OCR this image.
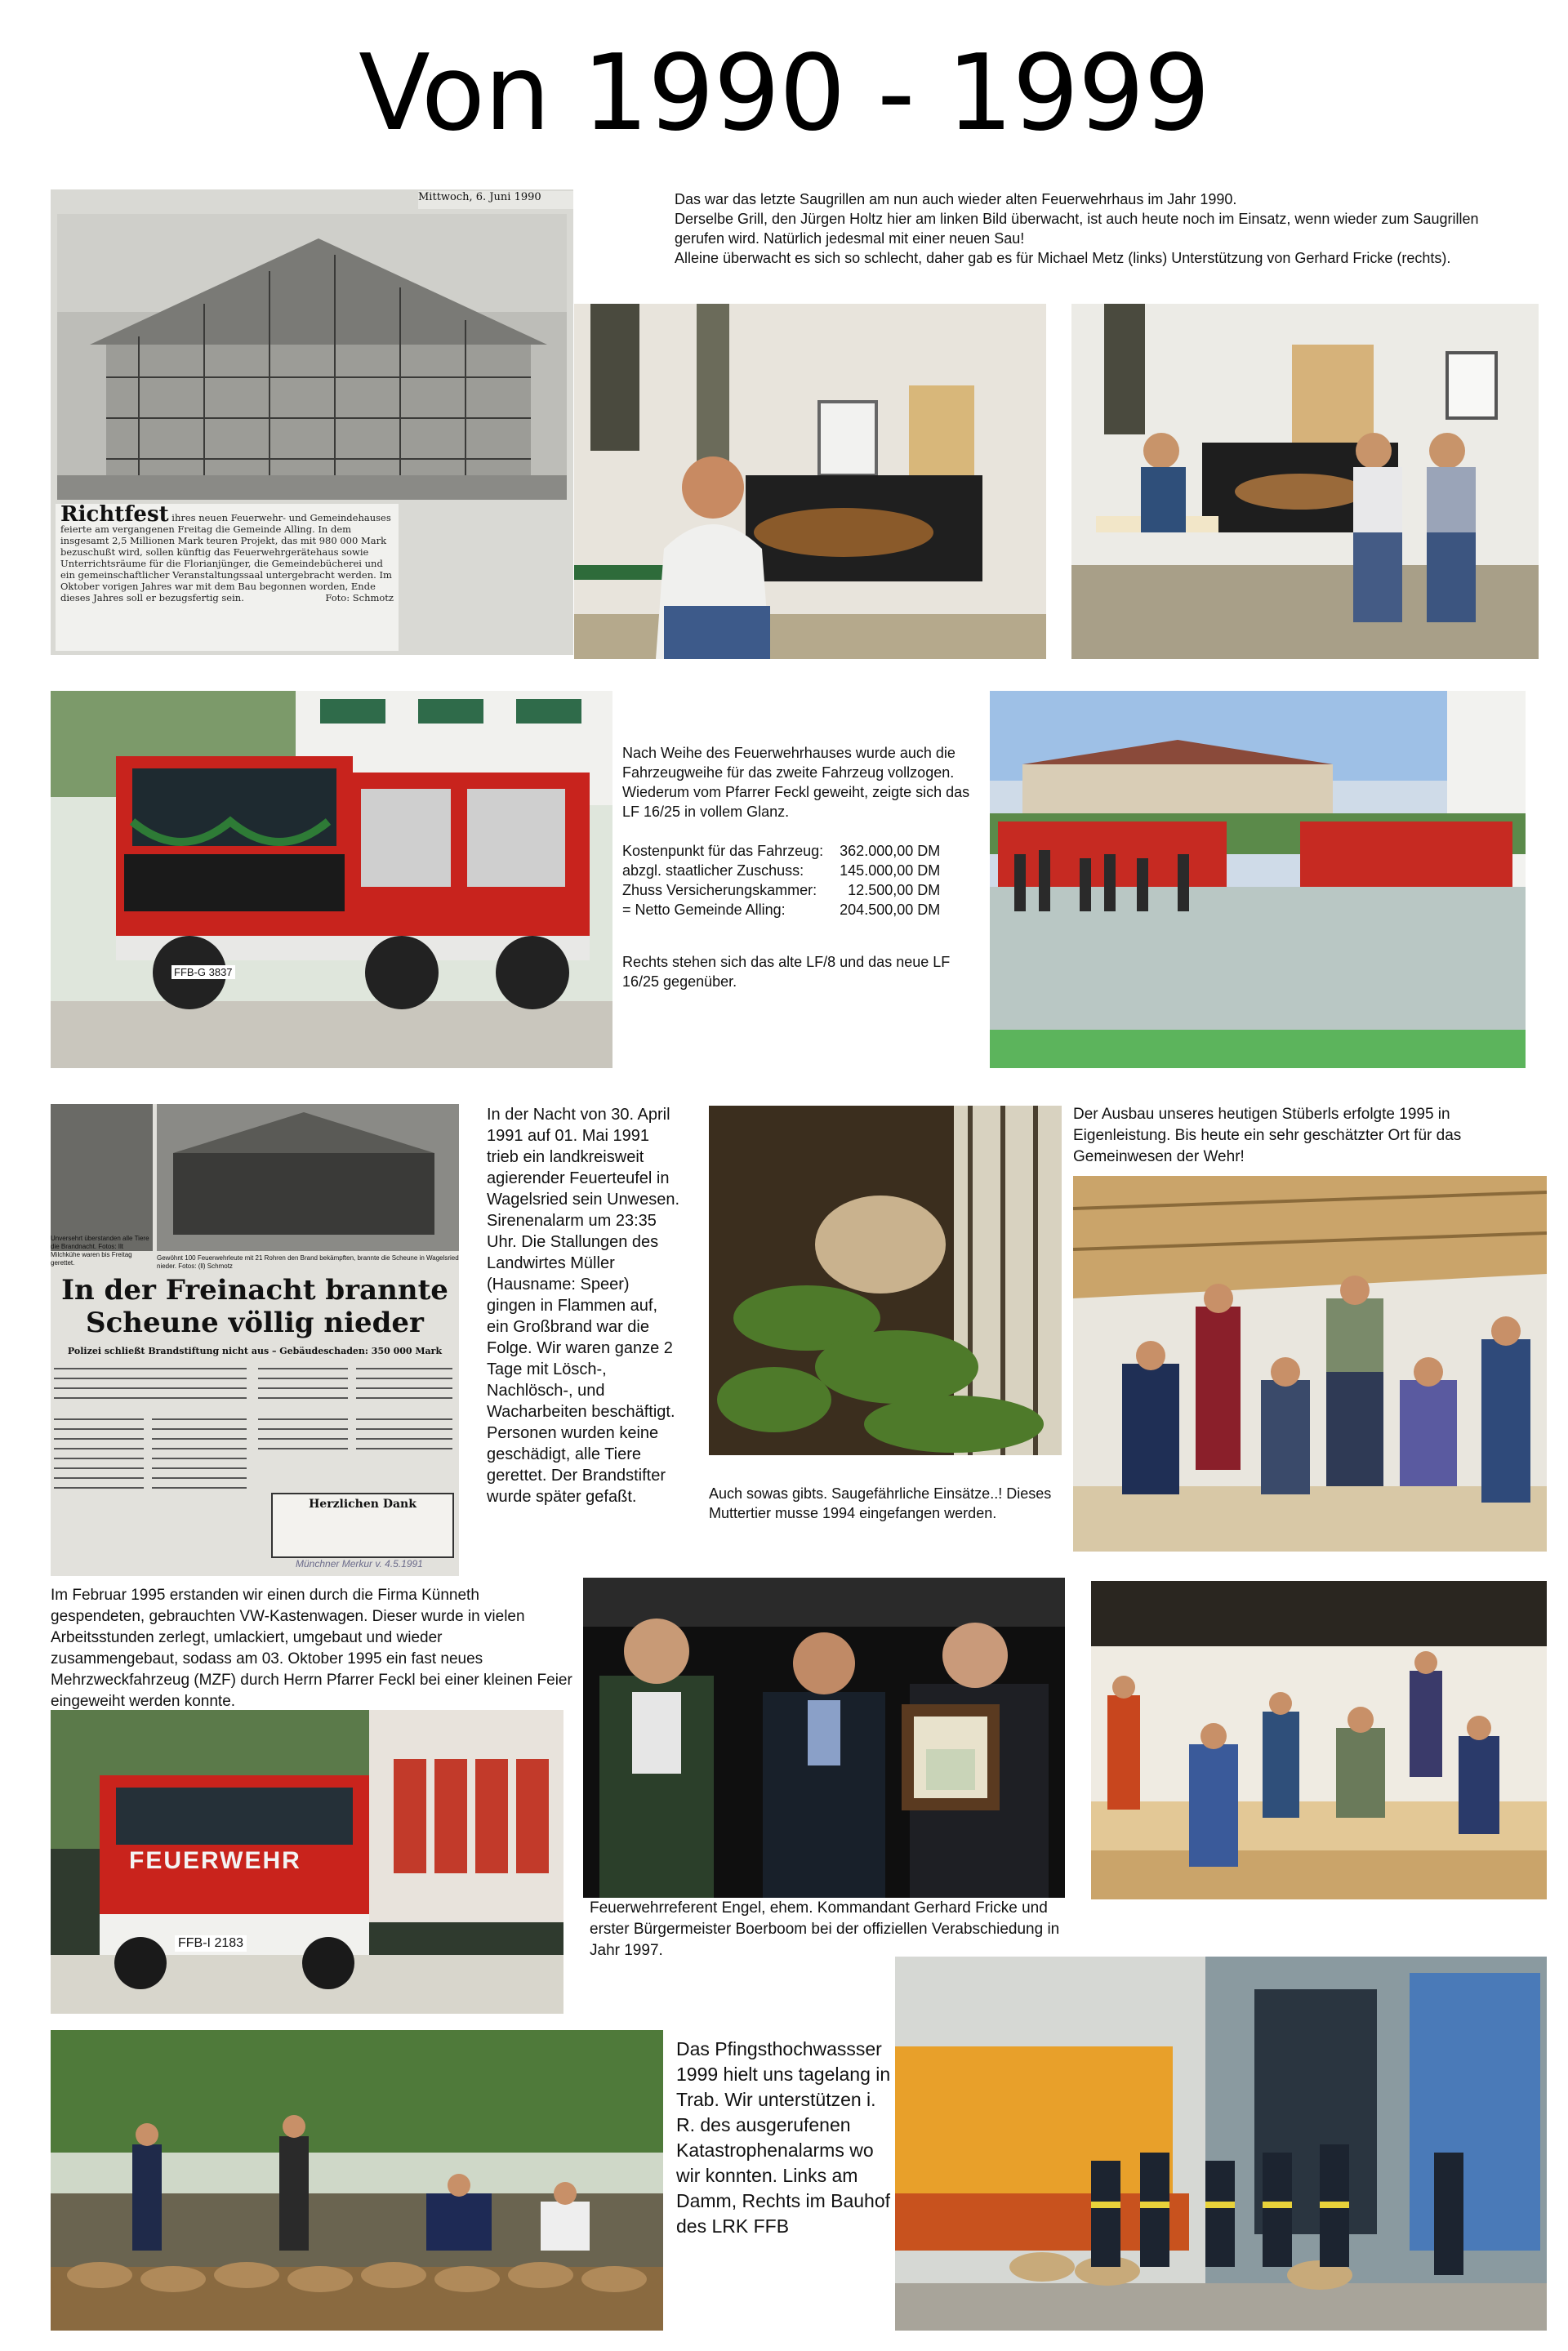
Von 1990 - 1999
Mittwoch, 6. Juni 1990
Richtfest ihres neuen Feuerwehr- und Gemeindehauses feierte am vergangenen Freitag die Gemeinde Alling. In dem insgesamt 2,5 Millionen Mark teuren Projekt, das mit 980 000 Mark bezuschußt wird, sollen künftig das Feuerwehrgerätehaus sowie Unterrichtsräume für die Florianjünger, die Gemeindebücherei und ein gemeinschaftlicher Veranstaltungssaal untergebracht werden. Im Oktober vorigen Jahres war mit dem Bau begonnen worden, Ende dieses Jahres soll er bezugsfertig sein.	Foto: Schmotz

Das war das letzte Saugrillen am nun auch wieder alten Feuerwehrhaus im Jahr 1990.

Derselbe Grill, den Jürgen Holtz hier am linken Bild überwacht, ist auch heute noch im Einsatz, wenn wieder zum Saugrillen gerufen wird. Natürlich jedesmal mit einer neuen Sau!

Alleine überwacht es sich so schlecht, daher gab es für Michael Metz (links) Unterstützung von Gerhard Fricke (rechts).

FFB-G 3837

Nach Weihe des Feuerwehrhauses wurde auch die Fahrzeugweihe für das zweite Fahrzeug vollzogen. Wiederum vom Pfarrer Feckl geweiht, zeigte sich das LF 16/25 in vollem Glanz.

Kostenpunkt für das Fahrzeug:	362.000,00 DM
abzgl. staatlicher Zuschuss:	145.000,00 DM
Zhuss Versicherungskammer:	12.500,00 DM
= Netto Gemeinde Alling:	204.500,00 DM

Rechts stehen sich das alte LF/8 und das neue LF 16/25 gegenüber.

Unversehrt überstanden alle Tiere die Brandnacht. Fotos: Ilt Milchkühe waren bis Freitag gerettet.
Gewöhnt 100 Feuerwehrleute mit 21 Rohren den Brand bekämpften, brannte die Scheune in Wagelsried nieder. Fotos: (ll) Schmotz
In der Freinacht brannte
Scheune völlig nieder
Polizei schließt Brandstiftung nicht aus – Gebäudeschaden: 350 000 Mark
Herzlichen Dank
Münchner Merkur v. 4.5.1991
In der Nacht von 30. April 1991 auf 01. Mai 1991 trieb ein landkreisweit agierender Feuerteufel in Wagelsried sein Unwesen. Sirenenalarm um 23:35 Uhr. Die Stallungen des Landwirtes Müller (Hausname: Speer) gingen in Flammen auf, ein Großbrand war die Folge. Wir waren ganze 2 Tage mit Lösch-, Nachlösch-, und Wacharbeiten beschäftigt. Personen wurden keine geschädigt, alle Tiere gerettet. Der Brandstifter wurde später gefaßt.	Auch sowas gibts. Saugefährliche Einsätze..! Dieses Muttertier musse 1994 eingefangen werden.
Der Ausbau unseres heutigen Stüberls erfolgte 1995 in Eigenleistung. Bis heute ein sehr geschätzter Ort für das Gemeinwesen der Wehr!
Im Februar 1995 erstanden wir einen durch die Firma Künneth gespendeten, gebrauchten VW-Kastenwagen. Dieser wurde in vielen Arbeitsstunden zerlegt, umlackiert, umgebaut und wieder zusammengebaut, sodass am 03. Oktober 1995 ein fast neues Mehrzweckfahrzeug (MZF) durch Herrn Pfarrer Feckl bei einer kleinen Feier eingeweiht werden konnte.
FEUERWEHR
FFB-I 2183
Feuerwehrreferent Engel, ehem. Kommandant Gerhard Fricke und erster Bürgermeister Boerboom bei der offiziellen Verabschiedung in Jahr 1997.
Das Pfingsthochwassser 1999 hielt uns tagelang in Trab. Wir unterstützen i. R. des ausgerufenen Katastrophenalarms wo wir konnten. Links am Damm, Rechts im Bauhof des LRK FFB
